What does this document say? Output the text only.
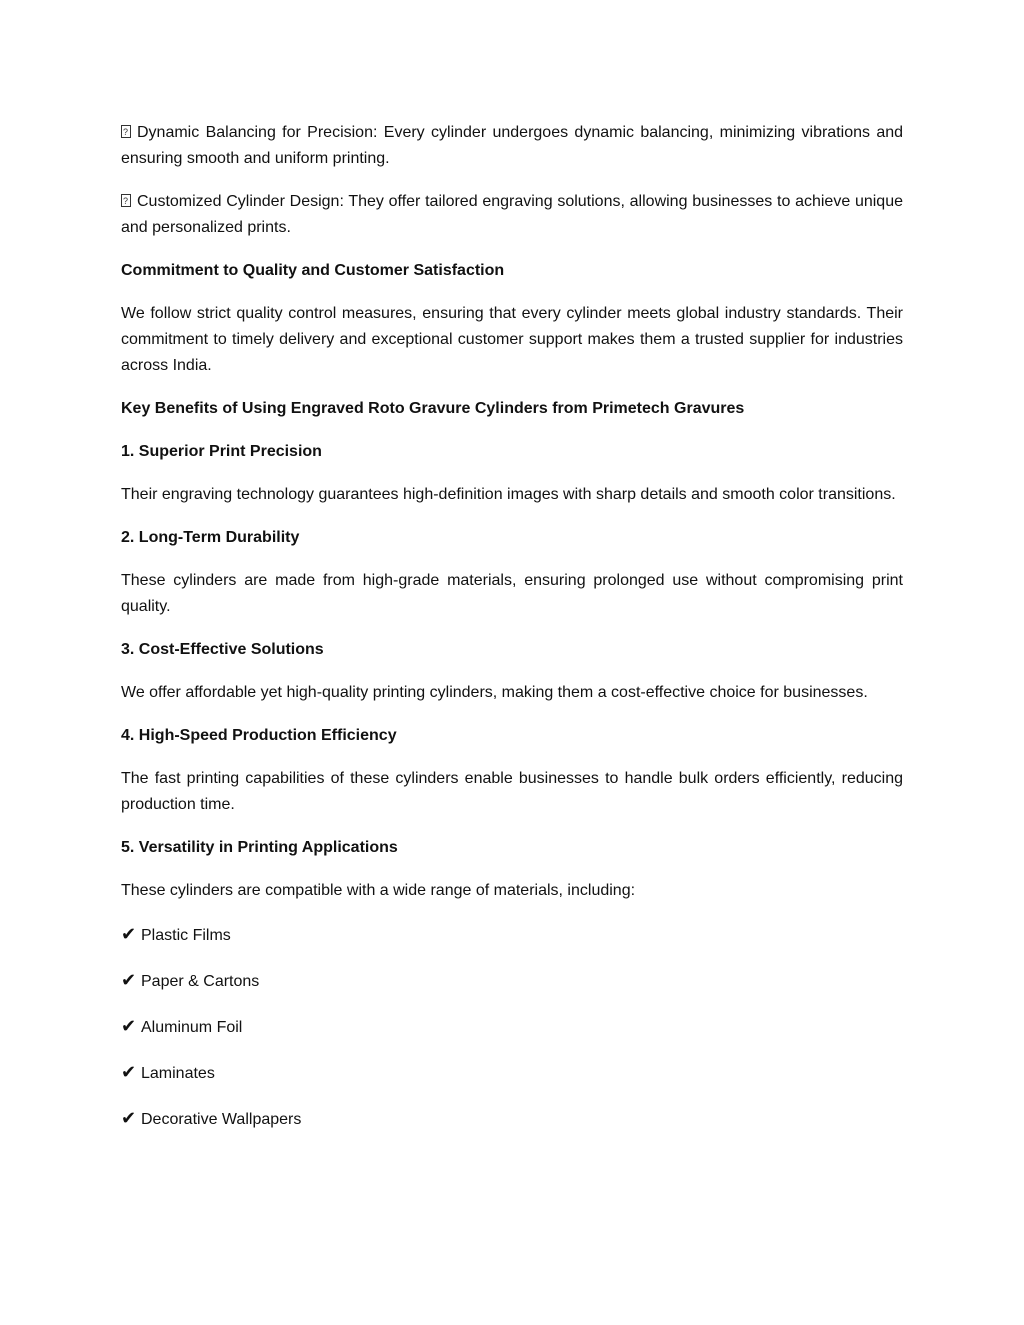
?Dynamic Balancing for Precision: Every cylinder undergoes dynamic balancing, minimizing vibrations and ensuring smooth and uniform printing.

?Customized Cylinder Design: They offer tailored engraving solutions, allowing businesses to achieve unique and personalized prints.

Commitment to Quality and Customer Satisfaction

We follow strict quality control measures, ensuring that every cylinder meets global industry standards. Their commitment to timely delivery and exceptional customer support makes them a trusted supplier for industries across India.

Key Benefits of Using Engraved Roto Gravure Cylinders from Primetech Gravures

1. Superior Print Precision

Their engraving technology guarantees high-definition images with sharp details and smooth color transitions.

2. Long-Term Durability

These cylinders are made from high-grade materials, ensuring prolonged use without compromising print quality.

3. Cost-Effective Solutions

We offer affordable yet high-quality printing cylinders, making them a cost-effective choice for businesses.

4. High-Speed Production Efficiency

The fast printing capabilities of these cylinders enable businesses to handle bulk orders efficiently, reducing production time.

5. Versatility in Printing Applications

These cylinders are compatible with a wide range of materials, including:

✔ Plastic Films
✔ Paper & Cartons
✔ Aluminum Foil
✔ Laminates
✔ Decorative Wallpapers
